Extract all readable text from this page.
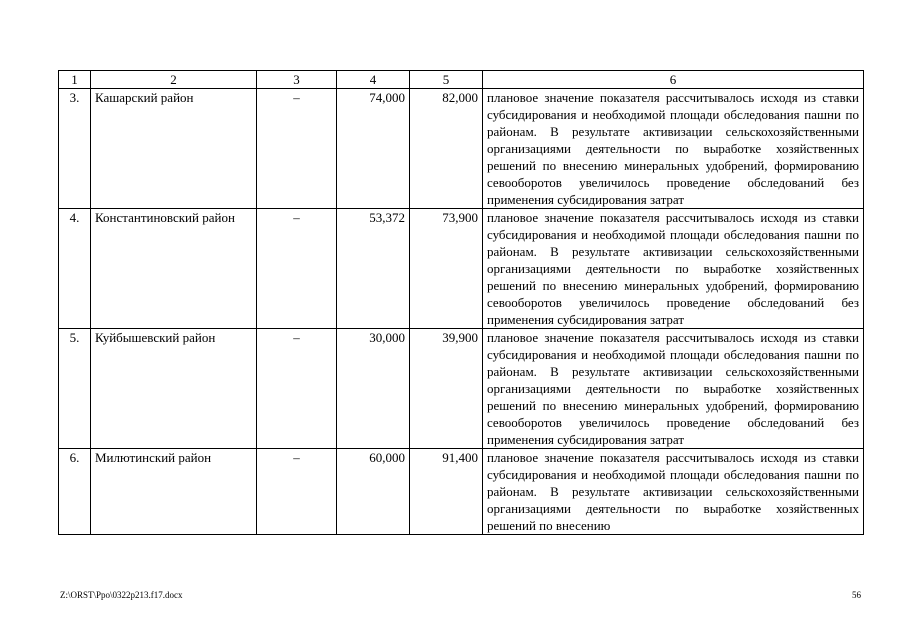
1	2	3	4	5	6
3.	Кашарский район	–	74,000	82,000	плановое значение показателя рассчитывалось исходя из ставки субсидирования и необходимой площади обследования пашни по районам. В результате активизации сельскохозяйственными организациями деятельности по выработке хозяйственных решений по внесению минеральных удобрений, формированию севооборотов увеличилось проведение обследований без применения субсидирования затрат
4.	Константиновский район	–	53,372	73,900	плановое значение показателя рассчитывалось исходя из ставки субсидирования и необходимой площади обследования пашни по районам. В результате активизации сельскохозяйственными организациями деятельности по выработке хозяйственных решений по внесению минеральных удобрений, формированию севооборотов увеличилось проведение обследований без применения субсидирования затрат
5.	Куйбышевский район	–	30,000	39,900	плановое значение показателя рассчитывалось исходя из ставки субсидирования и необходимой площади обследования пашни по районам. В результате активизации сельскохозяйственными организациями деятельности по выработке хозяйственных решений по внесению минеральных удобрений, формированию севооборотов увеличилось проведение обследований без применения субсидирования затрат
6.	Милютинский район	–	60,000	91,400	плановое значение показателя рассчитывалось исходя из ставки субсидирования и необходимой площади обследования пашни по районам. В результате активизации сельскохозяйственными организациями деятельности по выработке хозяйственных решений по внесению
Z:\ORST\Ppo\0322p213.f17.docx	56
